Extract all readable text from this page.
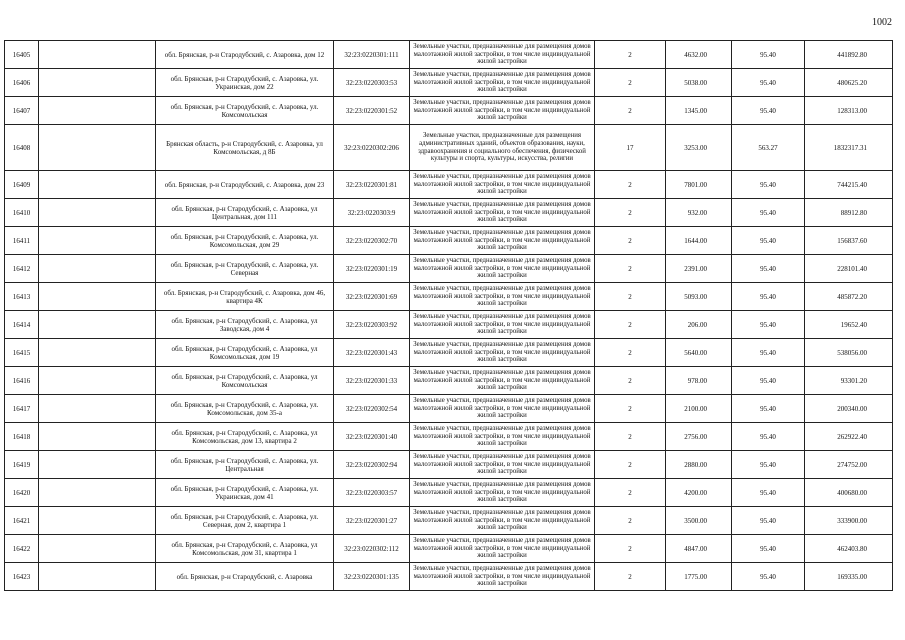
1002
16405		обл. Брянская, р-н Стародубский, с. Азаровка, дом 12	32:23:0220301:111	Земельные участки, предназначенные для размещения домов малоэтажной жилой застройки, в том числе индивидуальной жилой застройки	2	4632.00	95.40	441892.80
16406		обл. Брянская, р-н Стародубский, с. Азаровка, ул. Украинская, дом 22	32:23:0220303:53	Земельные участки, предназначенные для размещения домов малоэтажной жилой застройки, в том числе индивидуальной жилой застройки	2	5038.00	95.40	480625.20
16407		обл. Брянская, р-н Стародубский, с. Азаровка, ул. Комсомольская	32:23:0220301:52	Земельные участки, предназначенные для размещения домов малоэтажной жилой застройки, в том числе индивидуальной жилой застройки	2	1345.00	95.40	128313.00
16408		Брянская область, р-н Стародубский, с. Азаровка, ул Комсомольская, д 8Б	32:23:0220302:206	Земельные участки, предназначенные для размещения административных зданий, объектов образования, науки, здравоохранения и социального обеспечения, физической культуры и спорта, культуры, искусства, религии	17	3253.00	563.27	1832317.31
16409		обл. Брянская, р-н Стародубский, с. Азаровка, дом 23	32:23:0220301:81	Земельные участки, предназначенные для размещения домов малоэтажной жилой застройки, в том числе индивидуальной жилой застройки	2	7801.00	95.40	744215.40
16410		обл. Брянская, р-н Стародубский, с. Азаровка, ул Центральная, дом 111	32:23:0220303:9	Земельные участки, предназначенные для размещения домов малоэтажной жилой застройки, в том числе индивидуальной жилой застройки	2	932.00	95.40	88912.80
16411		обл. Брянская, р-н Стародубский, с. Азаровка, ул. Комсомольская, дом 29	32:23:0220302:70	Земельные участки, предназначенные для размещения домов малоэтажной жилой застройки, в том числе индивидуальной жилой застройки	2	1644.00	95.40	156837.60
16412		обл. Брянская, р-н Стародубский, с. Азаровка, ул. Северная	32:23:0220301:19	Земельные участки, предназначенные для размещения домов малоэтажной жилой застройки, в том числе индивидуальной жилой застройки	2	2391.00	95.40	228101.40
16413		обл. Брянская, р-н Стародубский, с. Азаровка, дом 46, квартира 4К	32:23:0220301:69	Земельные участки, предназначенные для размещения домов малоэтажной жилой застройки, в том числе индивидуальной жилой застройки	2	5093.00	95.40	485872.20
16414		обл. Брянская, р-н Стародубский, с. Азаровка, ул Заводская, дом 4	32:23:0220303:92	Земельные участки, предназначенные для размещения домов малоэтажной жилой застройки, в том числе индивидуальной жилой застройки	2	206.00	95.40	19652.40
16415		обл. Брянская, р-н Стародубский, с. Азаровка, ул Комсомольская, дом 19	32:23:0220301:43	Земельные участки, предназначенные для размещения домов малоэтажной жилой застройки, в том числе индивидуальной жилой застройки	2	5640.00	95.40	538056.00
16416		обл. Брянская, р-н Стародубский, с. Азаровка, ул Комсомольская	32:23:0220301:33	Земельные участки, предназначенные для размещения домов малоэтажной жилой застройки, в том числе индивидуальной жилой застройки	2	978.00	95.40	93301.20
16417		обл. Брянская, р-н Стародубский, с. Азаровка, ул. Комсомольская, дом 35-а	32:23:0220302:54	Земельные участки, предназначенные для размещения домов малоэтажной жилой застройки, в том числе индивидуальной жилой застройки	2	2100.00	95.40	200340.00
16418		обл. Брянская, р-н Стародубский, с. Азаровка, ул Комсомольская, дом 13, квартира 2	32:23:0220301:40	Земельные участки, предназначенные для размещения домов малоэтажной жилой застройки, в том числе индивидуальной жилой застройки	2	2756.00	95.40	262922.40
16419		обл. Брянская, р-н Стародубский, с. Азаровка, ул. Центральная	32:23:0220302:94	Земельные участки, предназначенные для размещения домов малоэтажной жилой застройки, в том числе индивидуальной жилой застройки	2	2880.00	95.40	274752.00
16420		обл. Брянская, р-н Стародубский, с. Азаровка, ул. Украинская, дом 41	32:23:0220303:57	Земельные участки, предназначенные для размещения домов малоэтажной жилой застройки, в том числе индивидуальной жилой застройки	2	4200.00	95.40	400680.00
16421		обл. Брянская, р-н Стародубский, с. Азаровка, ул. Северная, дом 2, квартира 1	32:23:0220301:27	Земельные участки, предназначенные для размещения домов малоэтажной жилой застройки, в том числе индивидуальной жилой застройки	2	3500.00	95.40	333900.00
16422		обл. Брянская, р-н Стародубский, с. Азаровка, ул Комсомольская, дом 31, квартира 1	32:23:0220302:112	Земельные участки, предназначенные для размещения домов малоэтажной жилой застройки, в том числе индивидуальной жилой застройки	2	4847.00	95.40	462403.80
16423		обл. Брянская, р-н Стародубский, с. Азаровка	32:23:0220301:135	Земельные участки, предназначенные для размещения домов малоэтажной жилой застройки, в том числе индивидуальной жилой застройки	2	1775.00	95.40	169335.00
